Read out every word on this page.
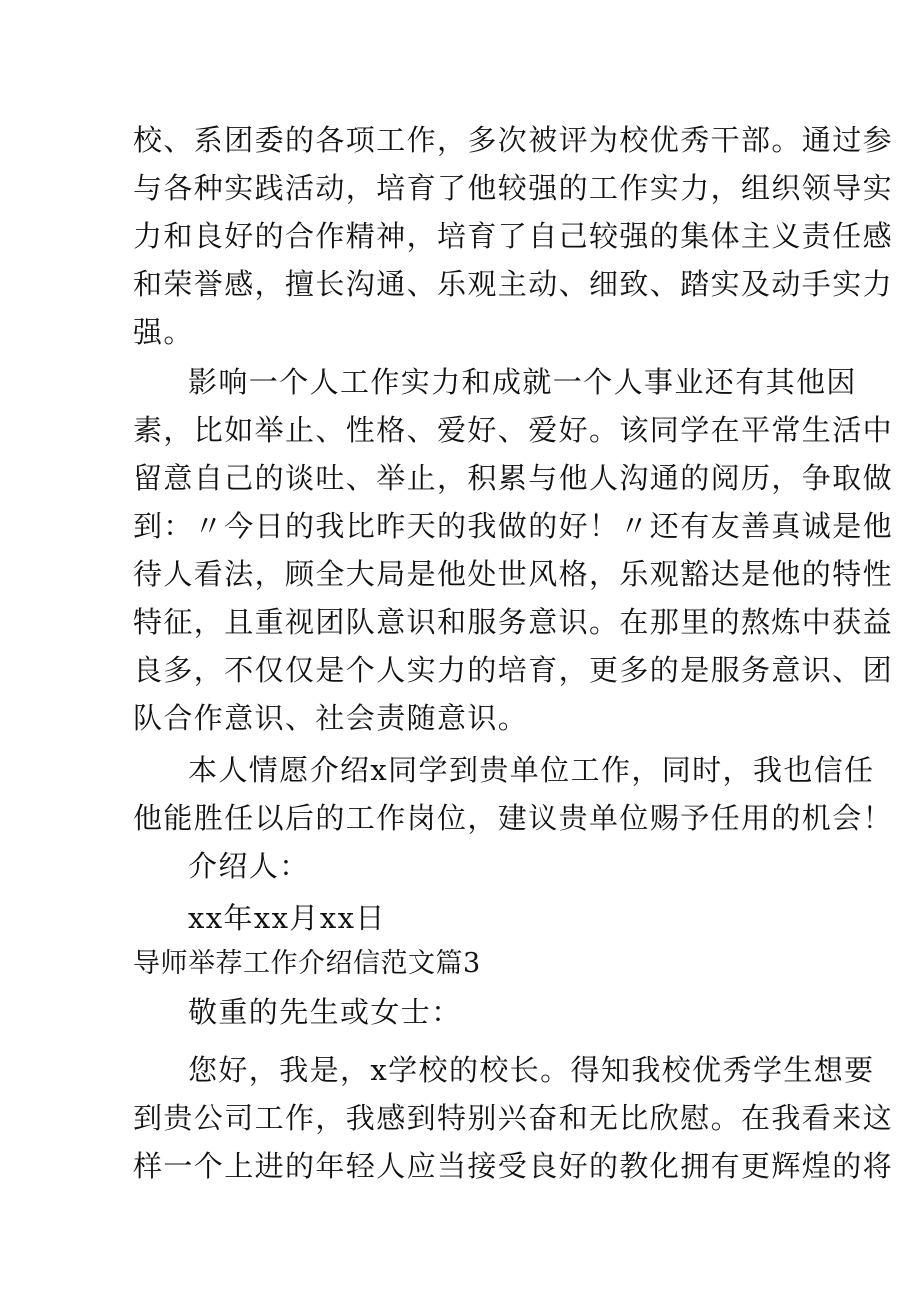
校、系团委的各项工作，多次被评为校优秀干部。通过参
与各种实践活动，培育了他较强的工作实力，组织领导实
力和良好的合作精神，培育了自己较强的集体主义责任感
和荣誉感，擅长沟通、乐观主动、细致、踏实及动手实力
强。
影响一个人工作实力和成就一个人事业还有其他因
素，比如举止、性格、爱好、爱好。该同学在平常生活中
留意自己的谈吐、举止，积累与他人沟通的阅历，争取做
到：〃今日的我比昨天的我做的好！〃还有友善真诚是他
待人看法，顾全大局是他处世风格，乐观豁达是他的特性
特征，且重视团队意识和服务意识。在那里的熬炼中获益
良多，不仅仅是个人实力的培育，更多的是服务意识、团
队合作意识、社会责随意识。
本人情愿介绍x同学到贵单位工作，同时，我也信任
他能胜任以后的工作岗位，建议贵单位赐予任用的机会！
介绍人：
xx年xx月xx日
导师举荐工作介绍信范文篇3
敬重的先生或女士：
您好，我是，x学校的校长。得知我校优秀学生想要
到贵公司工作，我感到特别兴奋和无比欣慰。在我看来这
样一个上进的年轻人应当接受良好的教化拥有更辉煌的将
